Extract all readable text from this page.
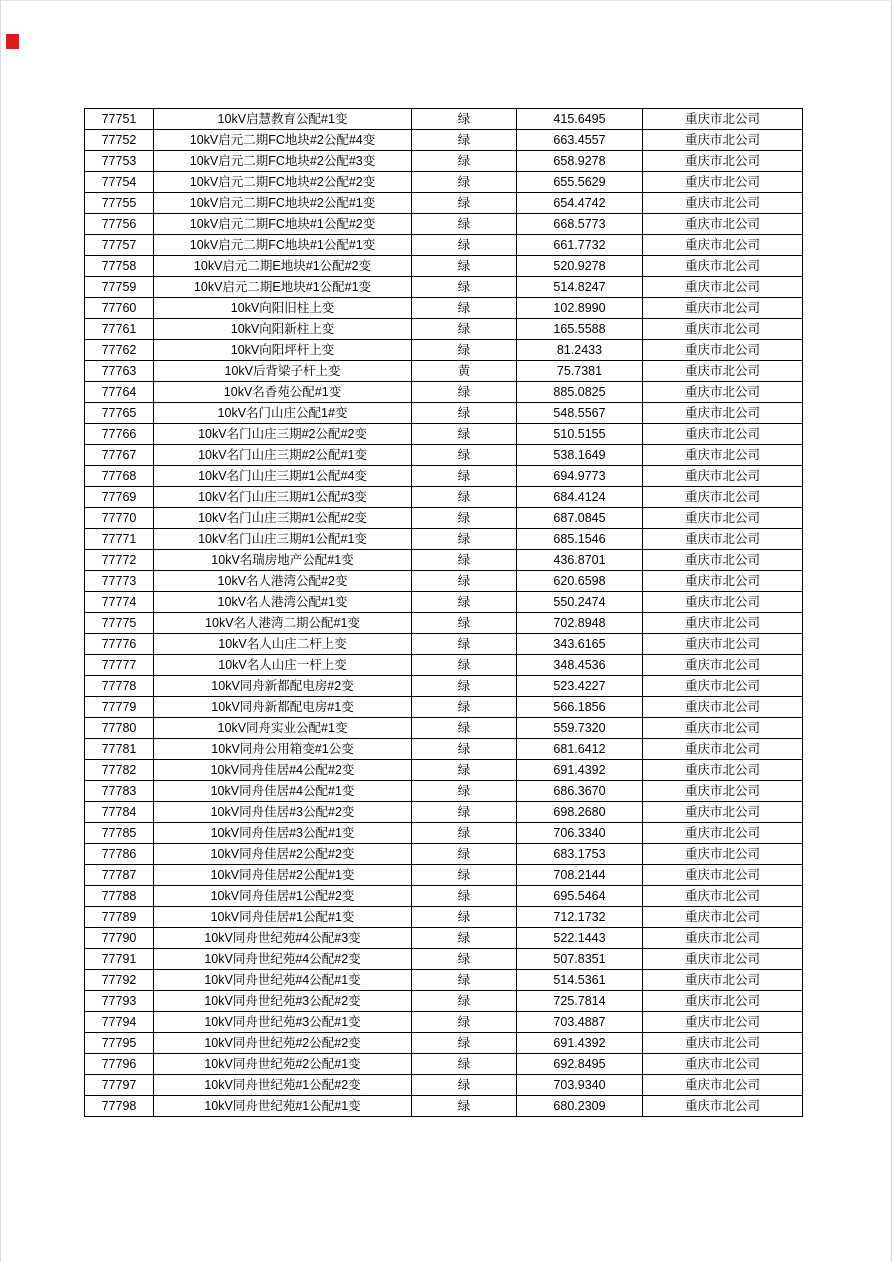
77751	10kV启慧教育公配#1变	绿	415.6495	重庆市北公司
77752	10kV启元二期FC地块#2公配#4变	绿	663.4557	重庆市北公司
77753	10kV启元二期FC地块#2公配#3变	绿	658.9278	重庆市北公司
77754	10kV启元二期FC地块#2公配#2变	绿	655.5629	重庆市北公司
77755	10kV启元二期FC地块#2公配#1变	绿	654.4742	重庆市北公司
77756	10kV启元二期FC地块#1公配#2变	绿	668.5773	重庆市北公司
77757	10kV启元二期FC地块#1公配#1变	绿	661.7732	重庆市北公司
77758	10kV启元二期E地块#1公配#2变	绿	520.9278	重庆市北公司
77759	10kV启元二期E地块#1公配#1变	绿	514.8247	重庆市北公司
77760	10kV向阳旧柱上变	绿	102.8990	重庆市北公司
77761	10kV向阳新柱上变	绿	165.5588	重庆市北公司
77762	10kV向阳坪杆上变	绿	81.2433	重庆市北公司
77763	10kV后背梁子杆上变	黄	75.7381	重庆市北公司
77764	10kV名香苑公配#1变	绿	885.0825	重庆市北公司
77765	10kV名门山庄公配1#变	绿	548.5567	重庆市北公司
77766	10kV名门山庄三期#2公配#2变	绿	510.5155	重庆市北公司
77767	10kV名门山庄三期#2公配#1变	绿	538.1649	重庆市北公司
77768	10kV名门山庄三期#1公配#4变	绿	694.9773	重庆市北公司
77769	10kV名门山庄三期#1公配#3变	绿	684.4124	重庆市北公司
77770	10kV名门山庄三期#1公配#2变	绿	687.0845	重庆市北公司
77771	10kV名门山庄三期#1公配#1变	绿	685.1546	重庆市北公司
77772	10kV名瑞房地产公配#1变	绿	436.8701	重庆市北公司
77773	10kV名人港湾公配#2变	绿	620.6598	重庆市北公司
77774	10kV名人港湾公配#1变	绿	550.2474	重庆市北公司
77775	10kV名人港湾二期公配#1变	绿	702.8948	重庆市北公司
77776	10kV名人山庄二杆上变	绿	343.6165	重庆市北公司
77777	10kV名人山庄一杆上变	绿	348.4536	重庆市北公司
77778	10kV同舟新都配电房#2变	绿	523.4227	重庆市北公司
77779	10kV同舟新都配电房#1变	绿	566.1856	重庆市北公司
77780	10kV同舟实业公配#1变	绿	559.7320	重庆市北公司
77781	10kV同舟公用箱变#1公变	绿	681.6412	重庆市北公司
77782	10kV同舟佳居#4公配#2变	绿	691.4392	重庆市北公司
77783	10kV同舟佳居#4公配#1变	绿	686.3670	重庆市北公司
77784	10kV同舟佳居#3公配#2变	绿	698.2680	重庆市北公司
77785	10kV同舟佳居#3公配#1变	绿	706.3340	重庆市北公司
77786	10kV同舟佳居#2公配#2变	绿	683.1753	重庆市北公司
77787	10kV同舟佳居#2公配#1变	绿	708.2144	重庆市北公司
77788	10kV同舟佳居#1公配#2变	绿	695.5464	重庆市北公司
77789	10kV同舟佳居#1公配#1变	绿	712.1732	重庆市北公司
77790	10kV同舟世纪苑#4公配#3变	绿	522.1443	重庆市北公司
77791	10kV同舟世纪苑#4公配#2变	绿	507.8351	重庆市北公司
77792	10kV同舟世纪苑#4公配#1变	绿	514.5361	重庆市北公司
77793	10kV同舟世纪苑#3公配#2变	绿	725.7814	重庆市北公司
77794	10kV同舟世纪苑#3公配#1变	绿	703.4887	重庆市北公司
77795	10kV同舟世纪苑#2公配#2变	绿	691.4392	重庆市北公司
77796	10kV同舟世纪苑#2公配#1变	绿	692.8495	重庆市北公司
77797	10kV同舟世纪苑#1公配#2变	绿	703.9340	重庆市北公司
77798	10kV同舟世纪苑#1公配#1变	绿	680.2309	重庆市北公司
